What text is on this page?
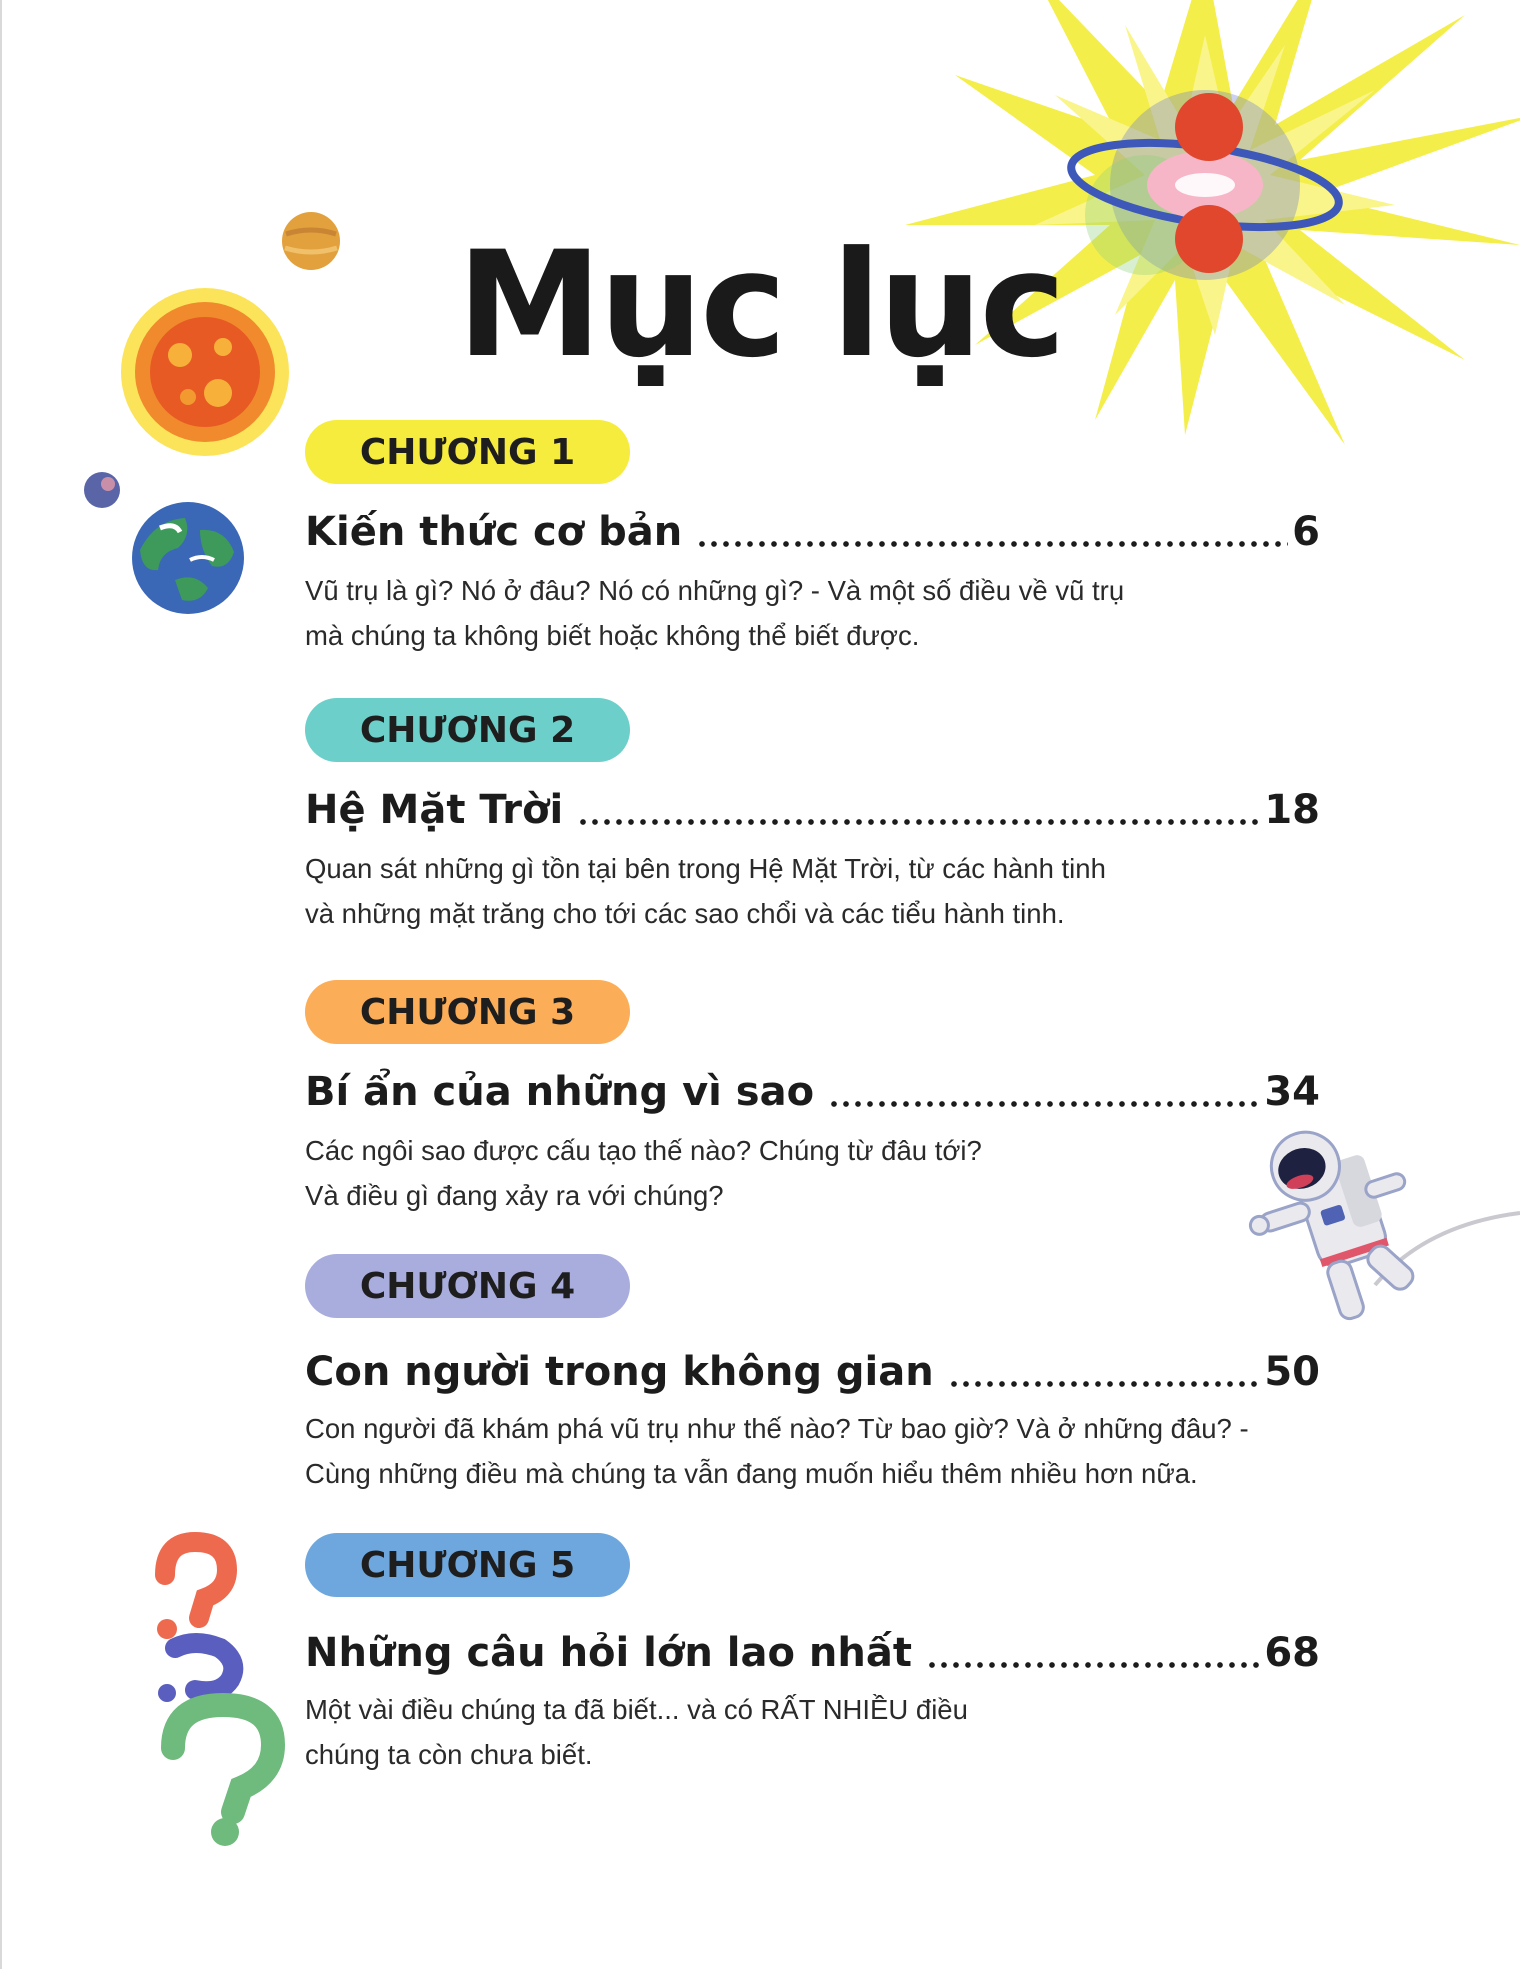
Mục lục
CHƯƠNG 1
Kiến thức cơ bản	6
Vũ trụ là gì? Nó ở đâu? Nó có những gì? - Và một số điều về vũ trụ
mà chúng ta không biết hoặc không thể biết được.
CHƯƠNG 2
Hệ Mặt Trời	18
Quan sát những gì tồn tại bên trong Hệ Mặt Trời, từ các hành tinh
và những mặt trăng cho tới các sao chổi và các tiểu hành tinh.
CHƯƠNG 3
Bí ẩn của những vì sao	34
Các ngôi sao được cấu tạo thế nào? Chúng từ đâu tới?
Và điều gì đang xảy ra với chúng?
CHƯƠNG 4
Con người trong không gian	50
Con người đã khám phá vũ trụ như thế nào? Từ bao giờ? Và ở những đâu? -
Cùng những điều mà chúng ta vẫn đang muốn hiểu thêm nhiều hơn nữa.
CHƯƠNG 5
Những câu hỏi lớn lao nhất	68
Một vài điều chúng ta đã biết... và có RẤT NHIỀU điều
chúng ta còn chưa biết.
